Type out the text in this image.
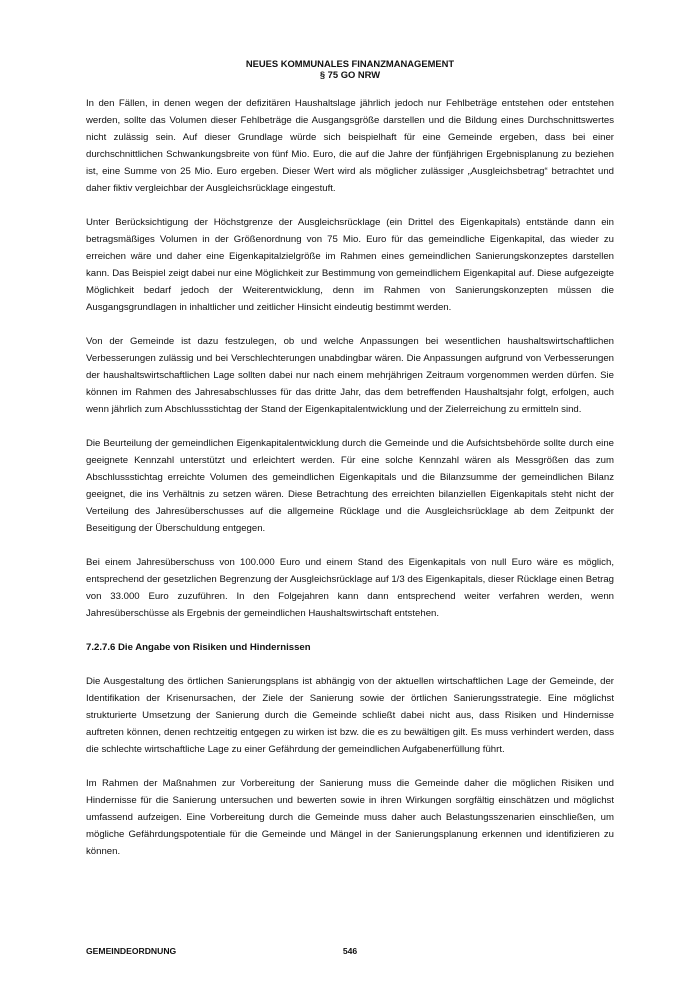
NEUES KOMMUNALES FINANZMANAGEMENT
§ 75 GO NRW

In den Fällen, in denen wegen der defizitären Haushaltslage jährlich jedoch nur Fehlbeträge entstehen oder entstehen werden, sollte das Volumen dieser Fehlbeträge die Ausgangsgröße darstellen und die Bildung eines Durchschnittswertes nicht zulässig sein. Auf dieser Grundlage würde sich beispielhaft für eine Gemeinde ergeben, dass bei einer durchschnittlichen Schwankungsbreite von fünf Mio. Euro, die auf die Jahre der fünfjährigen Ergebnisplanung zu beziehen ist, eine Summe von 25 Mio. Euro ergeben. Dieser Wert wird als möglicher zulässiger „Ausgleichsbetrag“ betrachtet und daher fiktiv vergleichbar der Ausgleichsrücklage eingestuft.

Unter Berücksichtigung der Höchstgrenze der Ausgleichsrücklage (ein Drittel des Eigenkapitals) entstände dann ein betragsmäßiges Volumen in der Größenordnung von 75 Mio. Euro für das gemeindliche Eigenkapital, das wieder zu erreichen wäre und daher eine Eigenkapitalzielgröße im Rahmen eines gemeindlichen Sanierungskonzeptes darstellen kann. Das Beispiel zeigt dabei nur eine Möglichkeit zur Bestimmung von gemeindlichem Eigenkapital auf. Diese aufgezeigte Möglichkeit bedarf jedoch der Weiterentwicklung, denn im Rahmen von Sanierungskonzepten müssen die Ausgangsgrundlagen in inhaltlicher und zeitlicher Hinsicht eindeutig bestimmt werden.

Von der Gemeinde ist dazu festzulegen, ob und welche Anpassungen bei wesentlichen haushaltswirtschaftlichen Verbesserungen zulässig und bei Verschlechterungen unabdingbar wären. Die Anpassungen aufgrund von Verbesserungen der haushaltswirtschaftlichen Lage sollten dabei nur nach einem mehrjährigen Zeitraum vorgenommen werden dürfen. Sie können im Rahmen des Jahresabschlusses für das dritte Jahr, das dem betreffenden Haushaltsjahr folgt, erfolgen, auch wenn jährlich zum Abschlussstichtag der Stand der Eigenkapitalentwicklung und der Zielerreichung zu ermitteln sind.

Die Beurteilung der gemeindlichen Eigenkapitalentwicklung durch die Gemeinde und die Aufsichtsbehörde sollte durch eine geeignete Kennzahl unterstützt und erleichtert werden. Für eine solche Kennzahl wären als Messgrößen das zum Abschlussstichtag erreichte Volumen des gemeindlichen Eigenkapitals und die Bilanzsumme der gemeindlichen Bilanz geeignet, die ins Verhältnis zu setzen wären. Diese Betrachtung des erreichten bilanziellen Eigenkapitals steht nicht der Verteilung des Jahresüberschusses auf die allgemeine Rücklage und die Ausgleichsrücklage ab dem Zeitpunkt der Beseitigung der Überschuldung entgegen.

Bei einem Jahresüberschuss von 100.000 Euro und einem Stand des Eigenkapitals von null Euro wäre es möglich, entsprechend der gesetzlichen Begrenzung der Ausgleichsrücklage auf 1/3 des Eigenkapitals, dieser Rücklage einen Betrag von 33.000 Euro zuzuführen. In den Folgejahren kann dann entsprechend weiter verfahren werden, wenn Jahresüberschüsse als Ergebnis der gemeindlichen Haushaltswirtschaft entstehen.

7.2.7.6 Die Angabe von Risiken und Hindernissen

Die Ausgestaltung des örtlichen Sanierungsplans ist abhängig von der aktuellen wirtschaftlichen Lage der Gemeinde, der Identifikation der Krisenursachen, der Ziele der Sanierung sowie der örtlichen Sanierungsstrategie. Eine möglichst strukturierte Umsetzung der Sanierung durch die Gemeinde schließt dabei nicht aus, dass Risiken und Hindernisse auftreten können, denen rechtzeitig entgegen zu wirken ist bzw. die es zu bewältigen gilt. Es muss verhindert werden, dass die schlechte wirtschaftliche Lage zu einer Gefährdung der gemeindlichen Aufgabenerfüllung führt.

Im Rahmen der Maßnahmen zur Vorbereitung der Sanierung muss die Gemeinde daher die möglichen Risiken und Hindernisse für die Sanierung untersuchen und bewerten sowie in ihren Wirkungen sorgfältig einschätzen und möglichst umfassend aufzeigen. Eine Vorbereitung durch die Gemeinde muss daher auch Belastungsszenarien einschließen, um mögliche Gefährdungspotentiale für die Gemeinde und Mängel in der Sanierungsplanung erkennen und identifizieren zu können.

GEMEINDEORDNUNG	546
